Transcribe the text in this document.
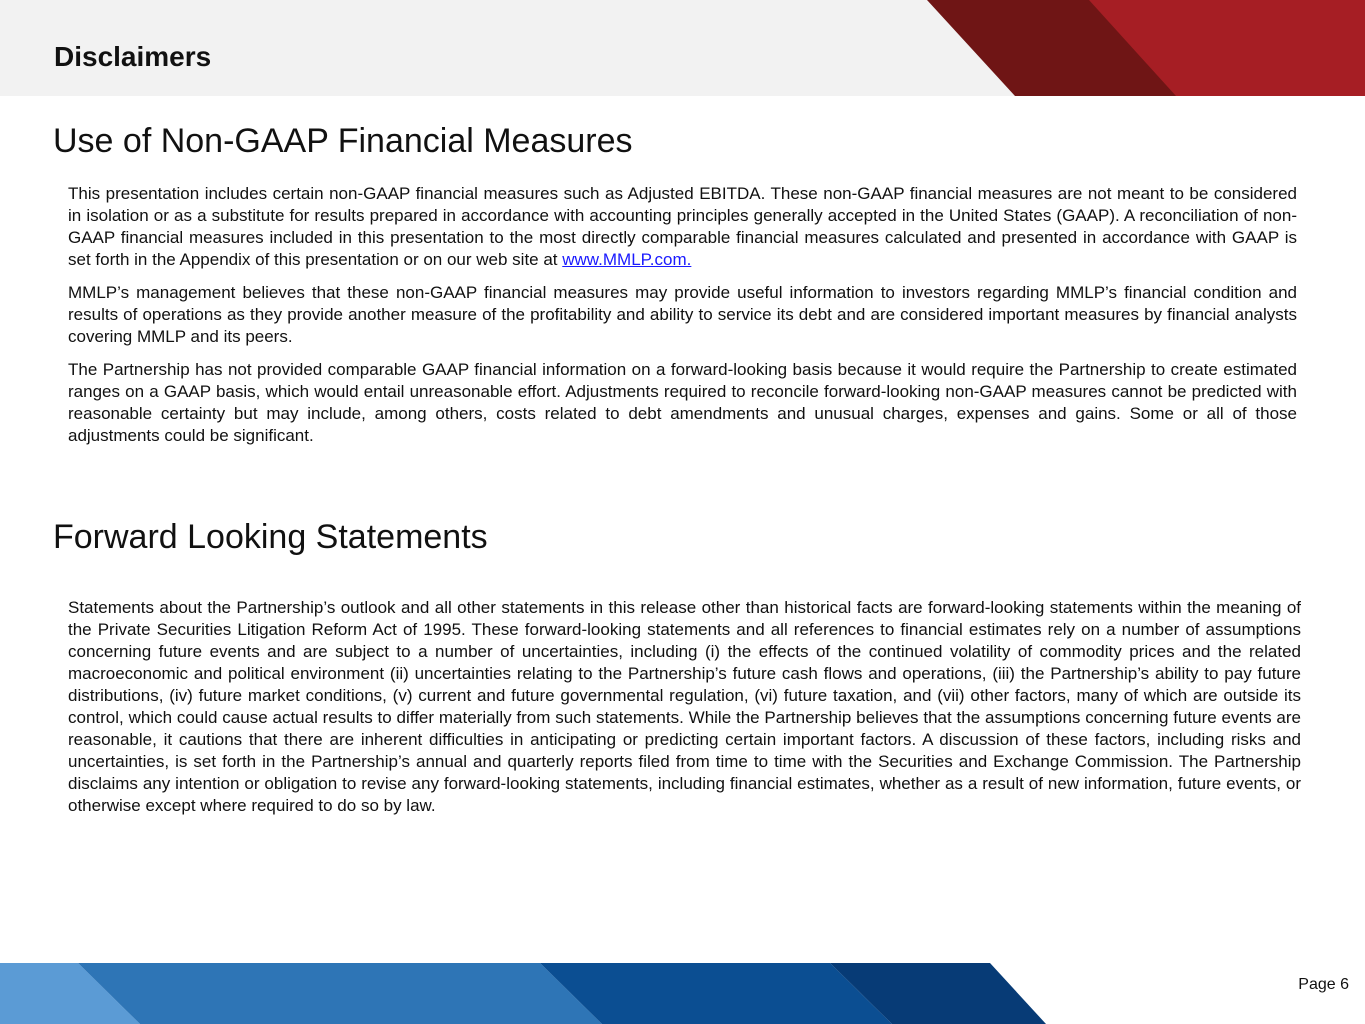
Disclaimers
Use of Non-GAAP Financial Measures

This presentation includes certain non-GAAP financial measures such as Adjusted EBITDA. These non-GAAP financial measures are not meant to be considered in isolation or as a substitute for results prepared in accordance with accounting principles generally accepted in the United States (GAAP). A reconciliation of non-GAAP financial measures included in this presentation to the most directly comparable financial measures calculated and presented in accordance with GAAP is set forth in the Appendix of this presentation or on our web site at www.MMLP.com.

MMLP’s management believes that these non-GAAP financial measures may provide useful information to investors regarding MMLP’s financial condition and results of operations as they provide another measure of the profitability and ability to service its debt and are considered important measures by financial analysts covering MMLP and its peers.

The Partnership has not provided comparable GAAP financial information on a forward-looking basis because it would require the Partnership to create estimated ranges on a GAAP basis, which would entail unreasonable effort. Adjustments required to reconcile forward-looking non-GAAP measures cannot be predicted with reasonable certainty but may include, among others, costs related to debt amendments and unusual charges, expenses and gains. Some or all of those adjustments could be significant.

Forward Looking Statements

Statements about the Partnership’s outlook and all other statements in this release other than historical facts are forward-looking statements within the meaning of the Private Securities Litigation Reform Act of 1995. These forward-looking statements and all references to financial estimates rely on a number of assumptions concerning future events and are subject to a number of uncertainties, including (i) the effects of the continued volatility of commodity prices and the related macroeconomic and political environment (ii) uncertainties relating to the Partnership’s future cash flows and operations, (iii) the Partnership’s ability to pay future distributions, (iv) future market conditions, (v) current and future governmental regulation, (vi) future taxation, and (vii) other factors, many of which are outside its control, which could cause actual results to differ materially from such statements. While the Partnership believes that the assumptions concerning future events are reasonable, it cautions that there are inherent difficulties in anticipating or predicting certain important factors. A discussion of these factors, including risks and uncertainties, is set forth in the Partnership’s annual and quarterly reports filed from time to time with the Securities and Exchange Commission. The Partnership disclaims any intention or obligation to revise any forward-looking statements, including financial estimates, whether as a result of new information, future events, or otherwise except where required to do so by law.

Page 6
